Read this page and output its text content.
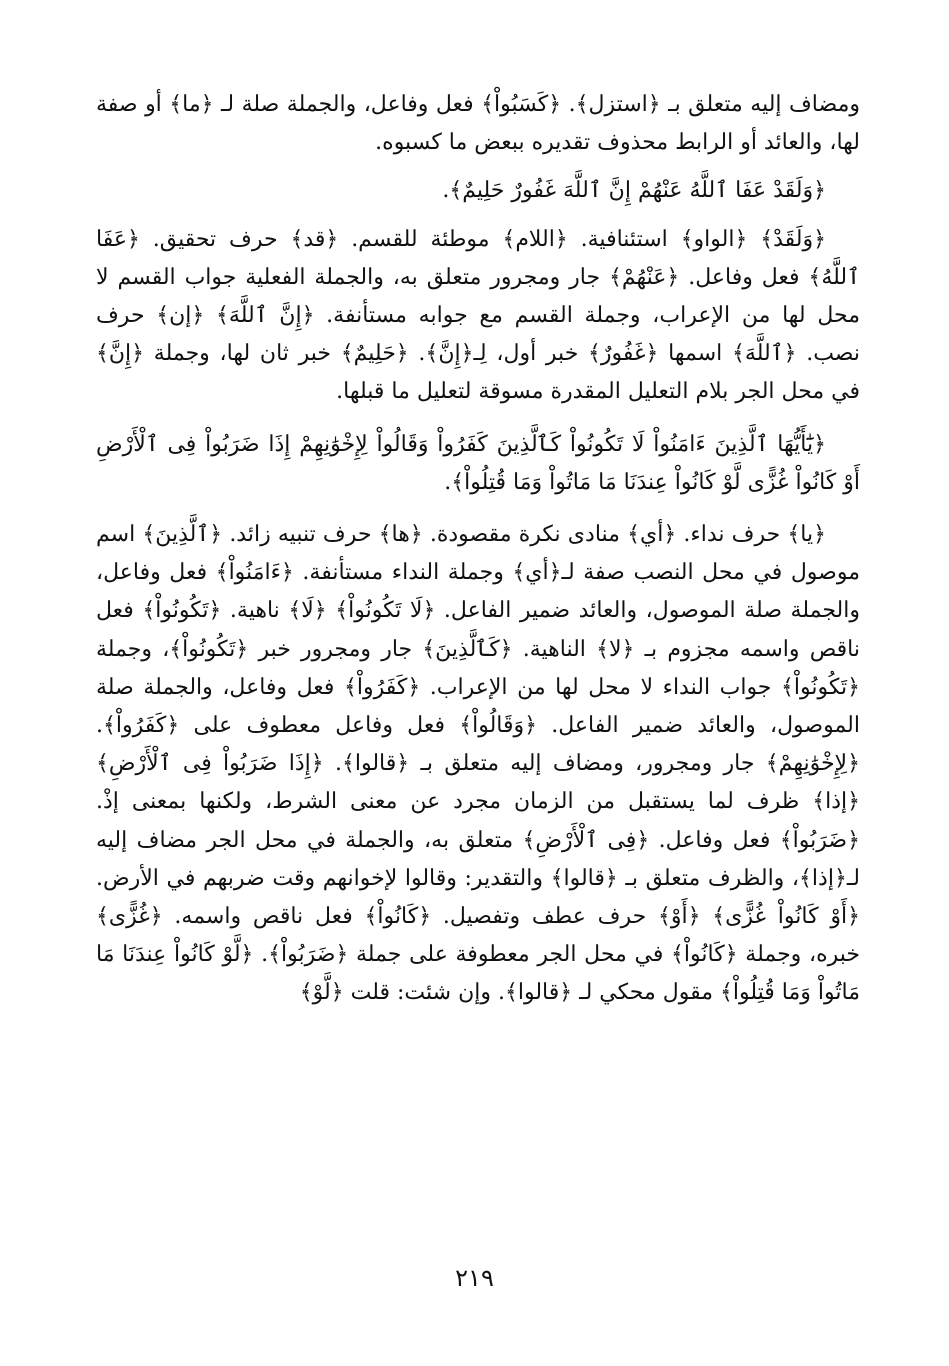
ومضاف إليه متعلق بـ ﴿استزل﴾. ﴿كَسَبُواْ﴾ فعل وفاعل، والجملة صلة لـ ﴿ما﴾ أو صفة لها، والعائد أو الرابط محذوف تقديره ببعض ما كسبوه.

﴿وَلَقَدْ عَفَا ٱللَّهُ عَنْهُمْ إِنَّ ٱللَّهَ غَفُورٌ حَلِيمٌ﴾.

﴿وَلَقَدْ﴾ ﴿الواو﴾ استئنافية. ﴿اللام﴾ موطئة للقسم. ﴿قد﴾ حرف تحقيق. ﴿عَفَا ٱللَّهُ﴾ فعل وفاعل. ﴿عَنْهُمْ﴾ جار ومجرور متعلق به، والجملة الفعلية جواب القسم لا محل لها من الإعراب، وجملة القسم مع جوابه مستأنفة. ﴿إِنَّ ٱللَّهَ﴾ ﴿إن﴾ حرف نصب. ﴿ٱللَّهَ﴾ اسمها ﴿غَفُورٌ﴾ خبر أول، لِـ﴿إِنَّ﴾. ﴿حَلِيمٌ﴾ خبر ثان لها، وجملة ﴿إِنَّ﴾ في محل الجر بلام التعليل المقدرة مسوقة لتعليل ما قبلها.

﴿يَٰٓأَيُّهَا ٱلَّذِينَ ءَامَنُواْ لَا تَكُونُواْ كَٱلَّذِينَ كَفَرُواْ وَقَالُواْ لِإِخْوَٰنِهِمْ إِذَا ضَرَبُواْ فِى ٱلْأَرْضِ أَوْ كَانُواْ غُزًّى لَّوْ كَانُواْ عِندَنَا مَا مَاتُواْ وَمَا قُتِلُواْ﴾.

﴿يا﴾ حرف نداء. ﴿أي﴾ منادى نكرة مقصودة. ﴿ها﴾ حرف تنبيه زائد. ﴿ٱلَّذِينَ﴾ اسم موصول في محل النصب صفة لـ﴿أي﴾ وجملة النداء مستأنفة. ﴿ءَامَنُواْ﴾ فعل وفاعل، والجملة صلة الموصول، والعائد ضمير الفاعل. ﴿لَا تَكُونُواْ﴾ ﴿لَا﴾ ناهية. ﴿تَكُونُواْ﴾ فعل ناقص واسمه مجزوم بـ ﴿لا﴾ الناهية. ﴿كَٱلَّذِينَ﴾ جار ومجرور خبر ﴿تَكُونُواْ﴾، وجملة ﴿تَكُونُواْ﴾ جواب النداء لا محل لها من الإعراب. ﴿كَفَرُواْ﴾ فعل وفاعل، والجملة صلة الموصول، والعائد ضمير الفاعل. ﴿وَقَالُواْ﴾ فعل وفاعل معطوف على ﴿كَفَرُواْ﴾. ﴿لِإِخْوَٰنِهِمْ﴾ جار ومجرور، ومضاف إليه متعلق بـ ﴿قالوا﴾. ﴿إِذَا ضَرَبُواْ فِى ٱلْأَرْضِ﴾ ﴿إذا﴾ ظرف لما يستقبل من الزمان مجرد عن معنى الشرط، ولكنها بمعنى إذْ. ﴿ضَرَبُواْ﴾ فعل وفاعل. ﴿فِى ٱلْأَرْضِ﴾ متعلق به، والجملة في محل الجر مضاف إليه لـ﴿إذا﴾، والظرف متعلق بـ ﴿قالوا﴾ والتقدير: وقالوا لإخوانهم وقت ضربهم في الأرض. ﴿أَوْ كَانُواْ غُزًّى﴾ ﴿أَوْ﴾ حرف عطف وتفصيل. ﴿كَانُواْ﴾ فعل ناقص واسمه. ﴿غُزًّى﴾ خبره، وجملة ﴿كَانُواْ﴾ في محل الجر معطوفة على جملة ﴿ضَرَبُواْ﴾. ﴿لَّوْ كَانُواْ عِندَنَا مَا مَاتُواْ وَمَا قُتِلُواْ﴾ مقول محكي لـ ﴿قالوا﴾. وإن شئت: قلت ﴿لَّوْ﴾

٢١٩
